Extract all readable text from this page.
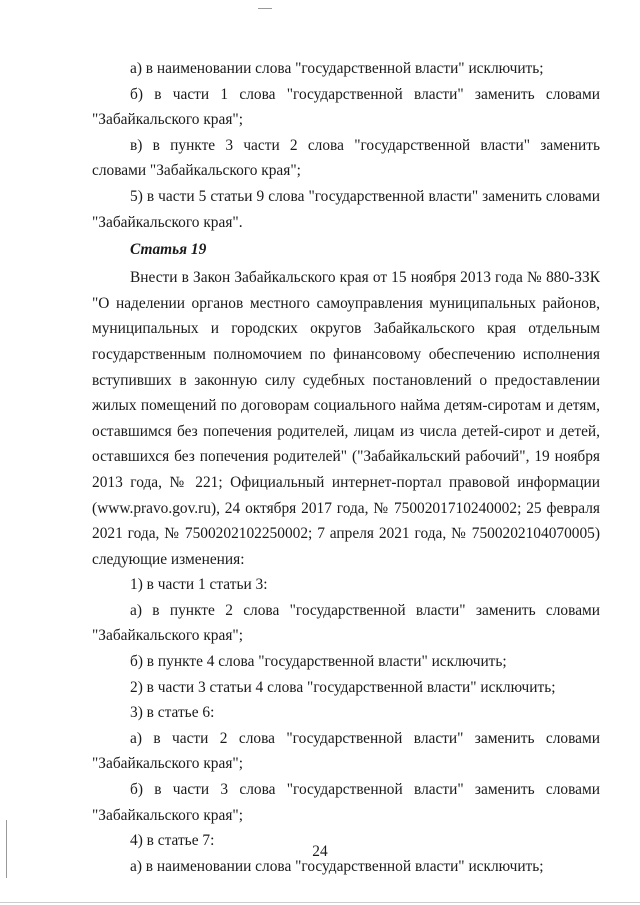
а) в наименовании слова "государственной власти" исключить;

б) в части 1 слова "государственной власти" заменить словами "Забайкальского края";

в) в пункте 3 части 2 слова "государственной власти" заменить словами "Забайкальского края";

5) в части 5 статьи 9 слова "государственной власти" заменить словами "Забайкальского края".

Статья 19

Внести в Закон Забайкальского края от 15 ноября 2013 года № 880-ЗЗК "О наделении органов местного самоуправления муниципальных районов, муниципальных и городских округов Забайкальского края отдельным государственным полномочием по финансовому обеспечению исполнения вступивших в законную силу судебных постановлений о предоставлении жилых помещений по договорам социального найма детям-сиротам и детям, оставшимся без попечения родителей, лицам из числа детей-сирот и детей, оставшихся без попечения родителей" ("Забайкальский рабочий", 19 ноября 2013 года, № 221; Официальный интернет-портал правовой информации (www.pravo.gov.ru), 24 октября 2017 года, № 7500201710240002; 25 февраля 2021 года, № 7500202102250002; 7 апреля 2021 года, № 7500202104070005) следующие изменения:

1) в части 1 статьи 3:

а) в пункте 2 слова "государственной власти" заменить словами "Забайкальского края";

б) в пункте 4 слова "государственной власти" исключить;

2) в части 3 статьи 4 слова "государственной власти" исключить;

3) в статье 6:

а) в части 2 слова "государственной власти" заменить словами "Забайкальского края";

б) в части 3 слова "государственной власти" заменить словами "Забайкальского края";

4) в статье 7:

а) в наименовании слова "государственной власти" исключить;

24
